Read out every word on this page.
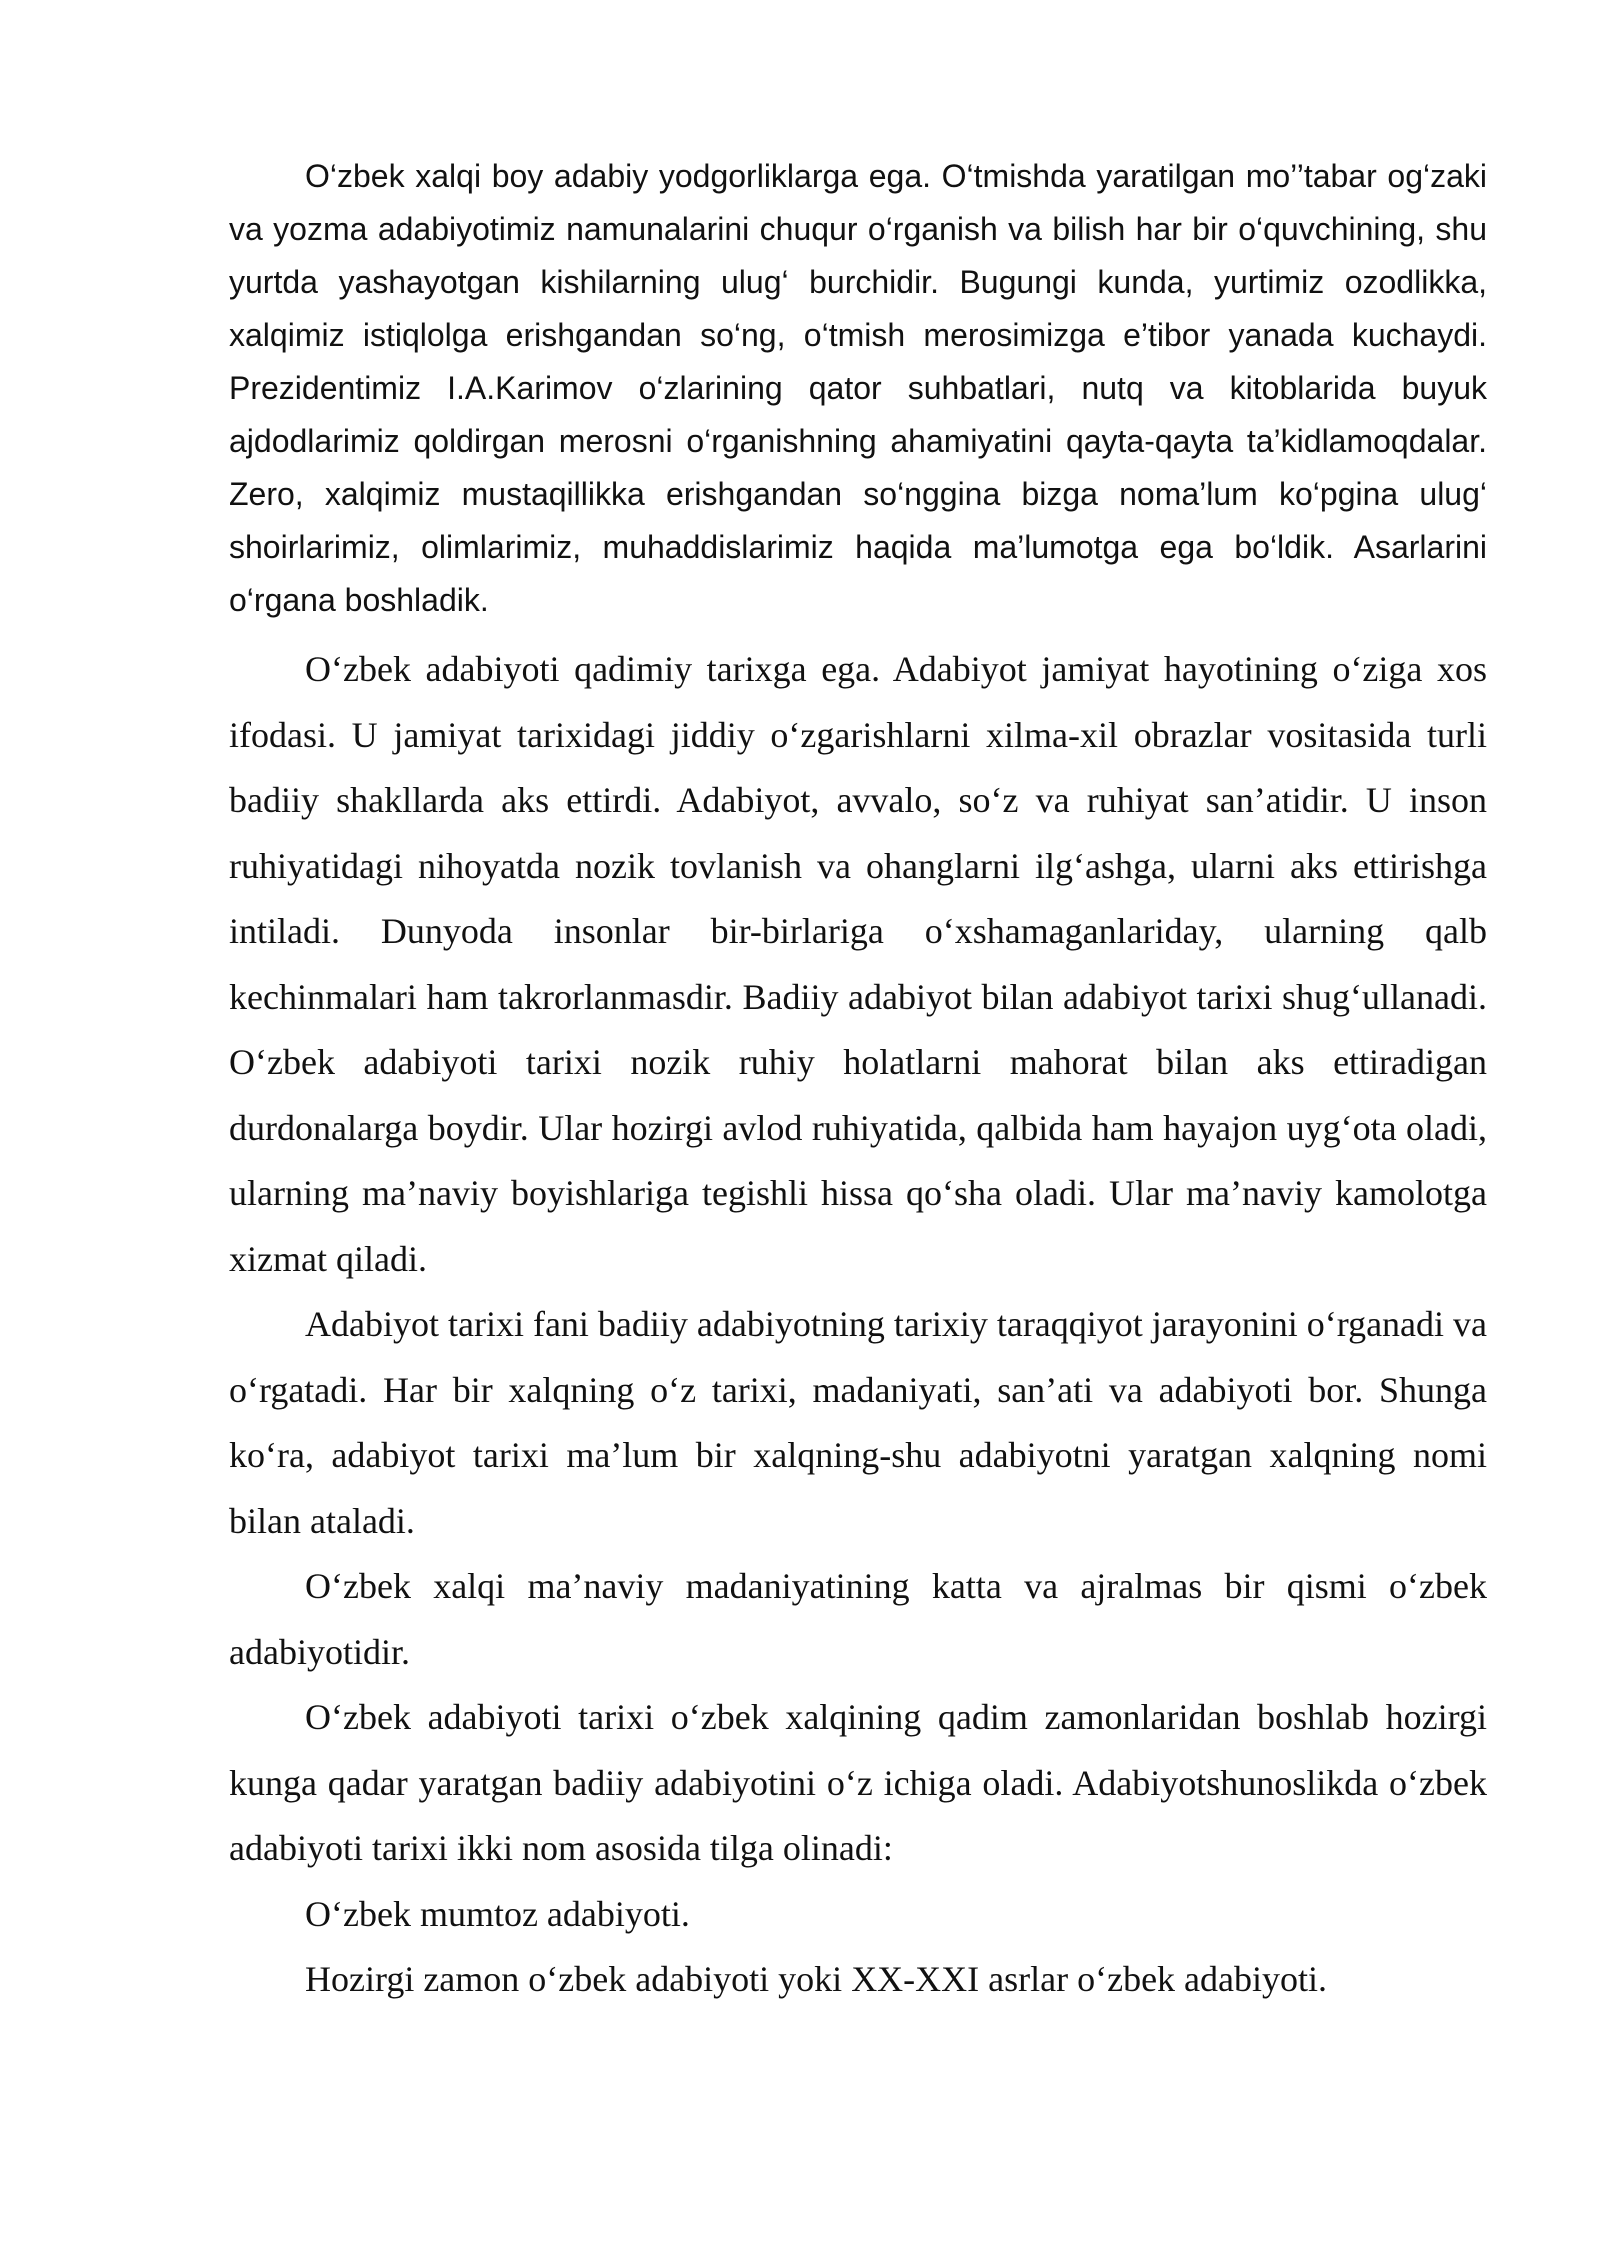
O‘zbek xalqi boy adabiy yodgorliklarga ega. O‘tmishda yaratilgan mo’’tabar og‘zaki va yozma adabiyotimiz namunalarini chuqur o‘rganish va bilish har bir o‘quvchining, shu yurtda yashayotgan kishilarning ulug‘ burchidir. Bugungi kunda, yurtimiz ozodlikka, xalqimiz istiqlolga erishgandan so‘ng, o‘tmish merosimizga e’tibor yanada kuchaydi. Prezidentimiz I.A.Karimov o‘zlarining qator suhbatlari, nutq va kitoblarida buyuk ajdodlarimiz qoldirgan merosni o‘rganishning ahamiyatini qayta-qayta ta’kidlamoqdalar. Zero, xalqimiz mustaqillikka erishgandan so‘nggina bizga noma’lum ko‘pgina ulug‘ shoirlarimiz, olimlarimiz, muhaddislarimiz haqida ma’lumotga ega bo‘ldik. Asarlarini o‘rgana boshladik.

O‘zbek adabiyoti qadimiy tarixga ega. Adabiyot jamiyat hayotining o‘ziga xos ifodasi. U jamiyat tarixidagi jiddiy o‘zgarishlarni xilma-xil obrazlar vositasida turli badiiy shakllarda aks ettirdi. Adabiyot, avvalo, so‘z va ruhiyat san’atidir. U inson ruhiyatidagi nihoyatda nozik tovlanish va ohanglarni ilg‘ashga, ularni aks ettirishga intiladi. Dunyoda insonlar bir-birlariga o‘xshamaganlariday, ularning qalb kechinmalari ham takrorlanmasdir. Badiiy adabiyot bilan adabiyot tarixi shug‘ullanadi. O‘zbek adabiyoti tarixi nozik ruhiy holatlarni mahorat bilan aks ettiradigan durdonalarga boydir. Ular hozirgi avlod ruhiyatida, qalbida ham hayajon uyg‘ota oladi, ularning ma’naviy boyishlariga tegishli hissa qo‘sha oladi. Ular ma’naviy kamolotga xizmat qiladi.

Adabiyot tarixi fani badiiy adabiyotning tarixiy taraqqiyot jarayonini o‘rganadi va o‘rgatadi. Har bir xalqning o‘z tarixi, madaniyati, san’ati va adabiyoti bor. Shunga ko‘ra, adabiyot tarixi ma’lum bir xalqning-shu adabiyotni yaratgan xalqning nomi bilan ataladi.

O‘zbek xalqi ma’naviy madaniyatining katta va ajralmas bir qismi o‘zbek adabiyotidir.

O‘zbek adabiyoti tarixi o‘zbek xalqining qadim zamonlaridan boshlab hozirgi kunga qadar yaratgan badiiy adabiyotini o‘z ichiga oladi. Adabiyotshunoslikda o‘zbek adabiyoti tarixi ikki nom asosida tilga olinadi:

O‘zbek mumtoz adabiyoti.

Hozirgi zamon o‘zbek adabiyoti yoki XX-XXI asrlar o‘zbek adabiyoti.
